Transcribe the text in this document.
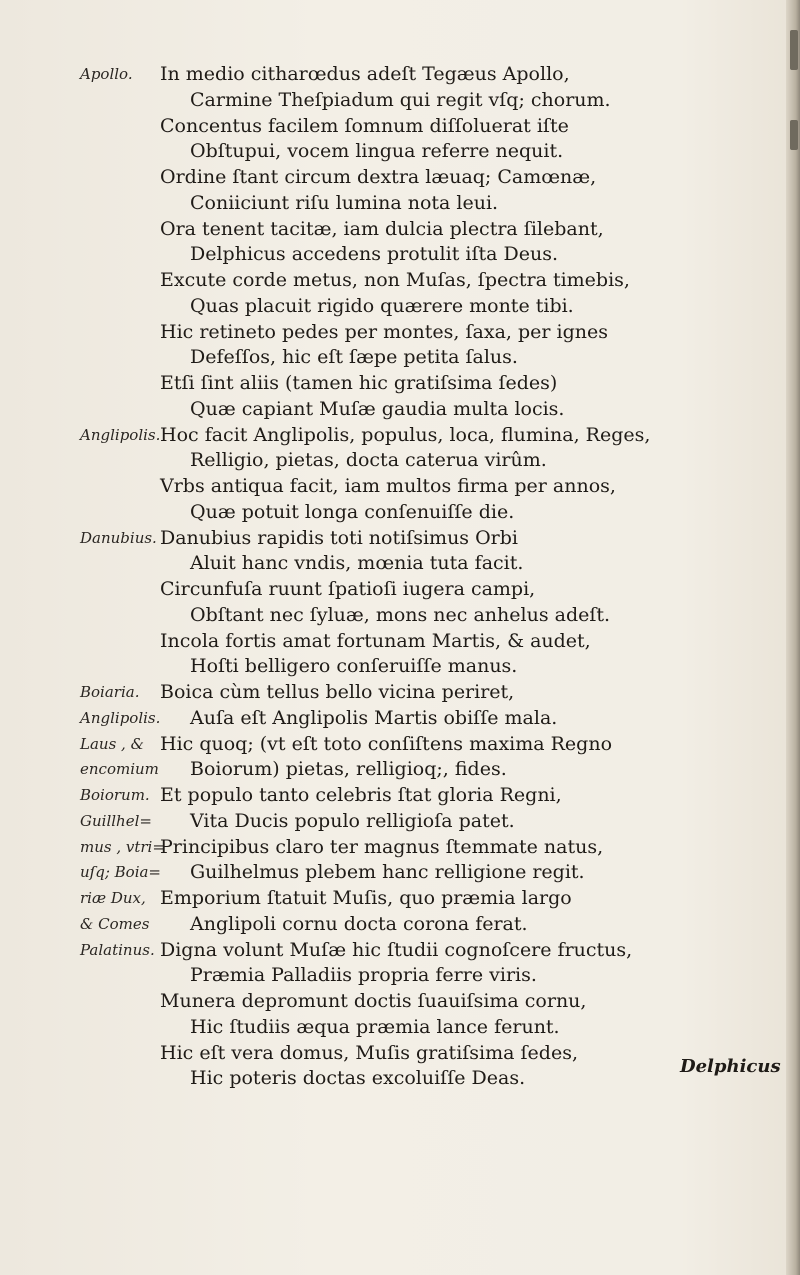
Apollo.	In medio citharœdus adeſt Tegæus Apollo,
Carmine Theſpiadum qui regit vſq; chorum.
Concentus facilem ſomnum diſſoluerat iſte
Obſtupui, vocem lingua referre nequit.
Ordine ſtant circum dextra læuaq; Camœnæ,
Coniiciunt riſu lumina nota leui.
Ora tenent tacitæ, iam dulcia plectra ſilebant,
Delphicus accedens protulit iſta Deus.
Excute corde metus, non Muſas, ſpectra timebis,
Quas placuit rigido quærere monte tibi.
Hic retineto pedes per montes, ſaxa, per ignes
Defeſſos, hic eſt ſæpe petita ſalus.
Etſi ſint aliis (tamen hic gratiſsima ſedes)
Quæ capiant Muſæ gaudia multa locis.
Anglipolis. Hoc facit Anglipolis, populus, loca, flumina, Reges,
Relligio, pietas, docta caterua virûm.
Vrbs antiqua facit, iam multos firma per annos,
Quæ potuit longa conſenuiſſe die.
Danubius. Danubius rapidis toti notiſsimus Orbi
Aluit hanc vndis, mœnia tuta facit.
Circunfuſa ruunt ſpatioſi iugera campi,
Obſtant nec ſyluæ, mons nec anhelus adeſt.
Incola fortis amat fortunam Martis, & audet,
Hoſti belligero conſeruiſſe manus.
Boiaria.	Boica cùm tellus bello vicina periret,
Anglipolis. Auſa eſt Anglipolis Martis obiſſe mala.
Laus , & Hic quoq; (vt eſt toto conſiſtens maxima Regno
encomium Boiorum) pietas, relligioq;, fides.
Boiorum. Et populo tanto celebris ſtat gloria Regni,
Guillhel=	Vita Ducis populo relligioſa patet.
mus , vtri=
Principibus claro ter magnus ſtemmate natus,
uſq; Boia= Guilhelmus plebem hanc relligione regit.
riæ Dux, Emporium ſtatuit Muſis, quo præmia largo
& Comes	Anglipoli cornu docta corona ferat.
Palatinus. Digna volunt Muſæ hic ſtudii cognoſcere fructus,
Præmia Palladiis propria ferre viris.
Munera depromunt doctis ſuauiſsima cornu,
Hic ſtudiis æqua præmia lance ferunt.
Hic eſt vera domus, Muſis gratiſsima ſedes,
Hic poteris doctas excoluiſſe Deas.
Delphicus
